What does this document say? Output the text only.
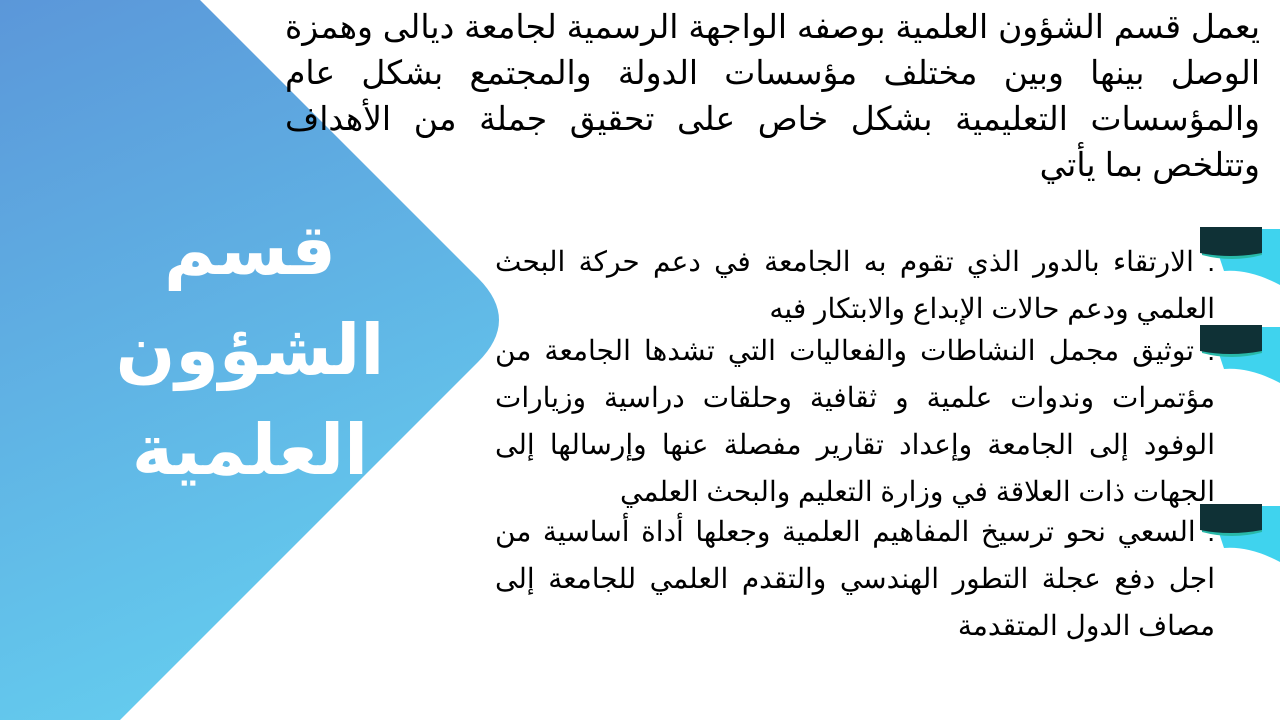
قسم
الشؤون العلمية
يعمل قسم الشؤون العلمية بوصفه الواجهة الرسمية لجامعة ديالى وهمزة الوصل بينها وبين مختلف مؤسسات الدولة والمجتمع بشكل عام والمؤسسات التعليمية بشكل خاص على تحقيق جملة من الأهداف وتتلخص بما يأتي
. الارتقاء بالدور الذي تقوم به الجامعة في دعم حركة البحث العلمي ودعم حالات الإبداع والابتكار فيه
. توثيق مجمل النشاطات والفعاليات التي تشدها الجامعة من مؤتمرات وندوات علمية و ثقافية وحلقات دراسية وزيارات الوفود إلى الجامعة وإعداد تقارير مفصلة عنها وإرسالها إلى الجهات ذات العلاقة في وزارة التعليم والبحث العلمي
. السعي نحو ترسيخ المفاهيم العلمية وجعلها أداة أساسية من اجل دفع عجلة التطور الهندسي والتقدم العلمي للجامعة إلى مصاف الدول المتقدمة
